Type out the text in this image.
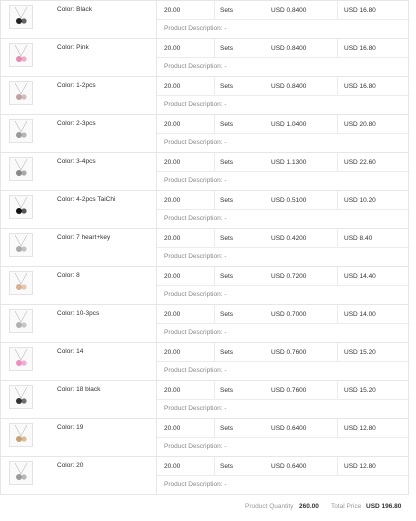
Color: Black	20.00	Sets	USD 0.8400	USD 16.80
Product Description: -
Color: Pink	20.00	Sets	USD 0.8400	USD 16.80
Product Description: -
Color: 1-2pcs	20.00	Sets	USD 0.8400	USD 16.80
Product Description: -
Color: 2-3pcs	20.00	Sets	USD 1.0400	USD 20.80
Product Description: -
Color: 3-4pcs	20.00	Sets	USD 1.1300	USD 22.60
Product Description: -
Color: 4-2pcs TaiChi	20.00	Sets	USD 0.5100	USD 10.20
Product Description: -
Color: 7 heart+key	20.00	Sets	USD 0.4200	USD 8.40
Product Description: -
Color: 8	20.00	Sets	USD 0.7200	USD 14.40
Product Description: -
Color: 10-3pcs	20.00	Sets	USD 0.7000	USD 14.00
Product Description: -
Color: 14	20.00	Sets	USD 0.7600	USD 15.20
Product Description: -
Color: 18 black	20.00	Sets	USD 0.7600	USD 15.20
Product Description: -
Color: 19	20.00	Sets	USD 0.6400	USD 12.80
Product Description: -
Color: 20	20.00	Sets	USD 0.6400	USD 12.80
Product Description: -
Product Quantity 260.00 Total Price USD 196.80
